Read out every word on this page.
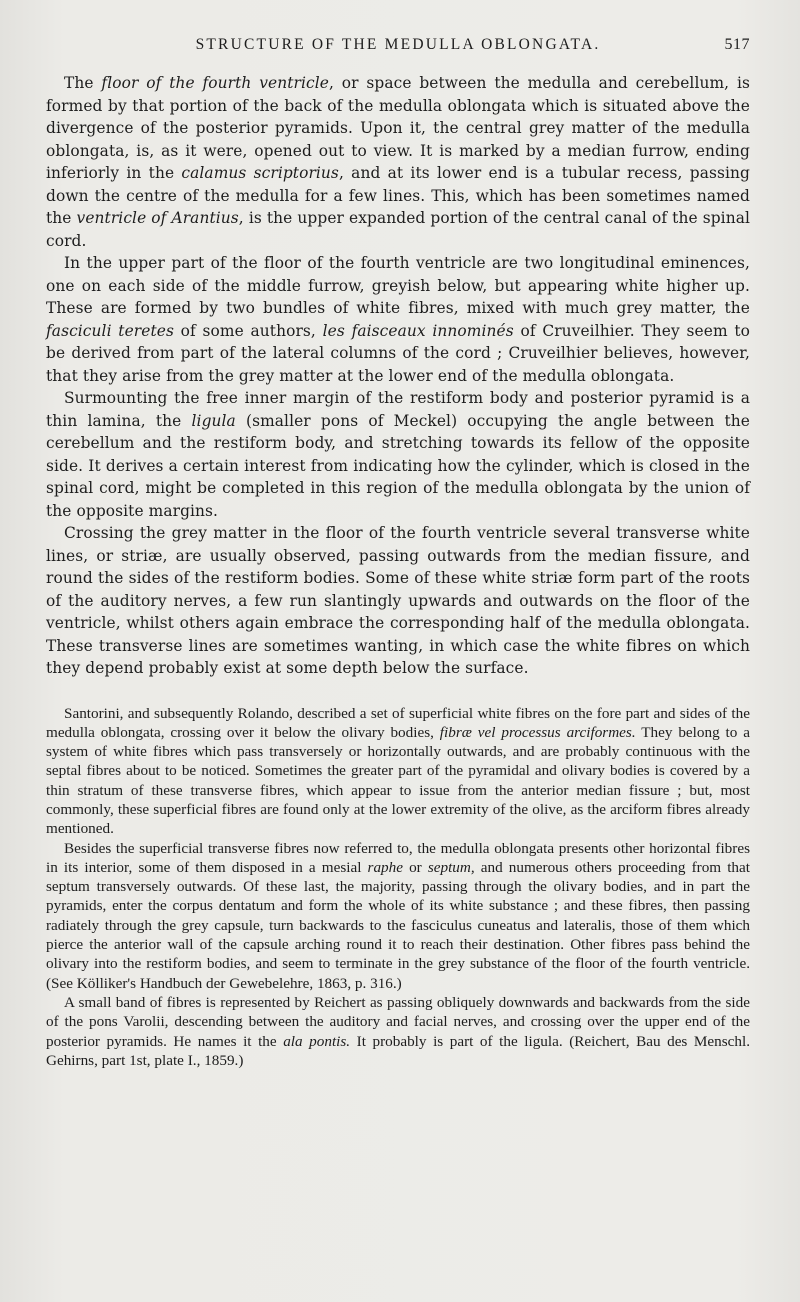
STRUCTURE OF THE MEDULLA OBLONGATA.	517

The floor of the fourth ventricle, or space between the medulla and cerebellum, is formed by that portion of the back of the medulla oblongata which is situated above the divergence of the posterior pyramids. Upon it, the central grey matter of the medulla oblongata, is, as it were, opened out to view. It is marked by a median furrow, ending inferiorly in the calamus scriptorius, and at its lower end is a tubular recess, passing down the centre of the medulla for a few lines. This, which has been sometimes named the ventricle of Arantius, is the upper expanded portion of the central canal of the spinal cord.

In the upper part of the floor of the fourth ventricle are two longitudinal eminences, one on each side of the middle furrow, greyish below, but appearing white higher up. These are formed by two bundles of white fibres, mixed with much grey matter, the fasciculi teretes of some authors, les faisceaux innominés of Cruveilhier. They seem to be derived from part of the lateral columns of the cord ; Cruveilhier believes, however, that they arise from the grey matter at the lower end of the medulla oblongata.

Surmounting the free inner margin of the restiform body and posterior pyramid is a thin lamina, the ligula (smaller pons of Meckel) occupying the angle between the cerebellum and the restiform body, and stretching towards its fellow of the opposite side. It derives a certain interest from indicating how the cylinder, which is closed in the spinal cord, might be completed in this region of the medulla oblongata by the union of the opposite margins.

Crossing the grey matter in the floor of the fourth ventricle several transverse white lines, or striæ, are usually observed, passing outwards from the median fissure, and round the sides of the restiform bodies. Some of these white striæ form part of the roots of the auditory nerves, a few run slantingly upwards and outwards on the floor of the ventricle, whilst others again embrace the corresponding half of the medulla oblongata. These transverse lines are sometimes wanting, in which case the white fibres on which they depend probably exist at some depth below the surface.

Santorini, and subsequently Rolando, described a set of superficial white fibres on the fore part and sides of the medulla oblongata, crossing over it below the olivary bodies, fibræ vel processus arciformes. They belong to a system of white fibres which pass transversely or horizontally outwards, and are probably continuous with the septal fibres about to be noticed. Sometimes the greater part of the pyramidal and olivary bodies is covered by a thin stratum of these transverse fibres, which appear to issue from the anterior median fissure ; but, most commonly, these superficial fibres are found only at the lower extremity of the olive, as the arciform fibres already mentioned.

Besides the superficial transverse fibres now referred to, the medulla oblongata presents other horizontal fibres in its interior, some of them disposed in a mesial raphe or septum, and numerous others proceeding from that septum transversely outwards. Of these last, the majority, passing through the olivary bodies, and in part the pyramids, enter the corpus dentatum and form the whole of its white substance ; and these fibres, then passing radiately through the grey capsule, turn backwards to the fasciculus cuneatus and lateralis, those of them which pierce the anterior wall of the capsule arching round it to reach their destination. Other fibres pass behind the olivary into the restiform bodies, and seem to terminate in the grey substance of the floor of the fourth ventricle. (See Kölliker's Handbuch der Gewebelehre, 1863, p. 316.)

A small band of fibres is represented by Reichert as passing obliquely downwards and backwards from the side of the pons Varolii, descending between the auditory and facial nerves, and crossing over the upper end of the posterior pyramids. He names it the ala pontis. It probably is part of the ligula. (Reichert, Bau des Menschl. Gehirns, part 1st, plate I., 1859.)
